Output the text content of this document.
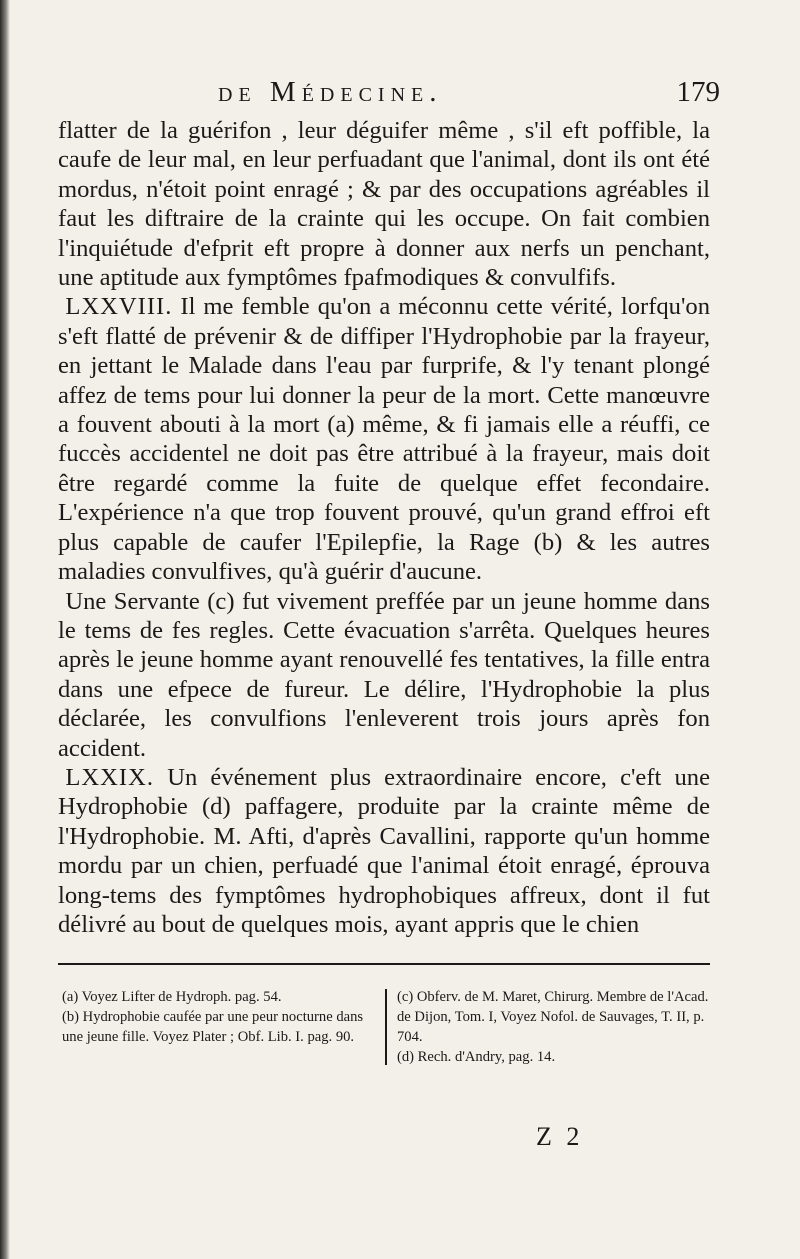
de Médecine.	179

flatter de la guérifon , leur déguifer même , s'il eft poffible, la caufe de leur mal, en leur perfuadant que l'animal, dont ils ont été mordus, n'étoit point enragé ; & par des occupations agréables il faut les diftraire de la crainte qui les occupe. On fait combien l'inquiétude d'efprit eft propre à donner aux nerfs un penchant, une aptitude aux fymptômes fpafmodiques & convulfifs.

LXXVIII. Il me femble qu'on a méconnu cette vérité, lorfqu'on s'eft flatté de prévenir & de diffiper l'Hydrophobie par la frayeur, en jettant le Malade dans l'eau par furprife, & l'y tenant plongé affez de tems pour lui donner la peur de la mort. Cette manœuvre a fouvent abouti à la mort (a) même, & fi jamais elle a réuffi, ce fuccès accidentel ne doit pas être attribué à la frayeur, mais doit être regardé comme la fuite de quelque effet fecondaire. L'expérience n'a que trop fouvent prouvé, qu'un grand effroi eft plus capable de caufer l'Epilepfie, la Rage (b) & les autres maladies convulfives, qu'à guérir d'aucune.

Une Servante (c) fut vivement preffée par un jeune homme dans le tems de fes regles. Cette évacuation s'arrêta. Quelques heures après le jeune homme ayant renouvellé fes tentatives, la fille entra dans une efpece de fureur. Le délire, l'Hydrophobie la plus déclarée, les convulfions l'enleverent trois jours après fon accident.

LXXIX. Un événement plus extraordinaire encore, c'eft une Hydrophobie (d) paffagere, produite par la crainte même de l'Hydrophobie. M. Afti, d'après Cavallini, rapporte qu'un homme mordu par un chien, perfuadé que l'animal étoit enragé, éprouva long-tems des fymptômes hydrophobiques affreux, dont il fut délivré au bout de quelques mois, ayant appris que le chien

(a) Voyez Lifter de Hydroph. pag. 54.

(b) Hydrophobie caufée par une peur nocturne dans une jeune fille. Voyez Plater ; Obf. Lib. I. pag. 90.

(c) Obferv. de M. Maret, Chirurg. Membre de l'Acad. de Dijon, Tom. I, Voyez Nofol. de Sauvages, T. II, p. 704.

(d) Rech. d'Andry, pag. 14.

Z 2
